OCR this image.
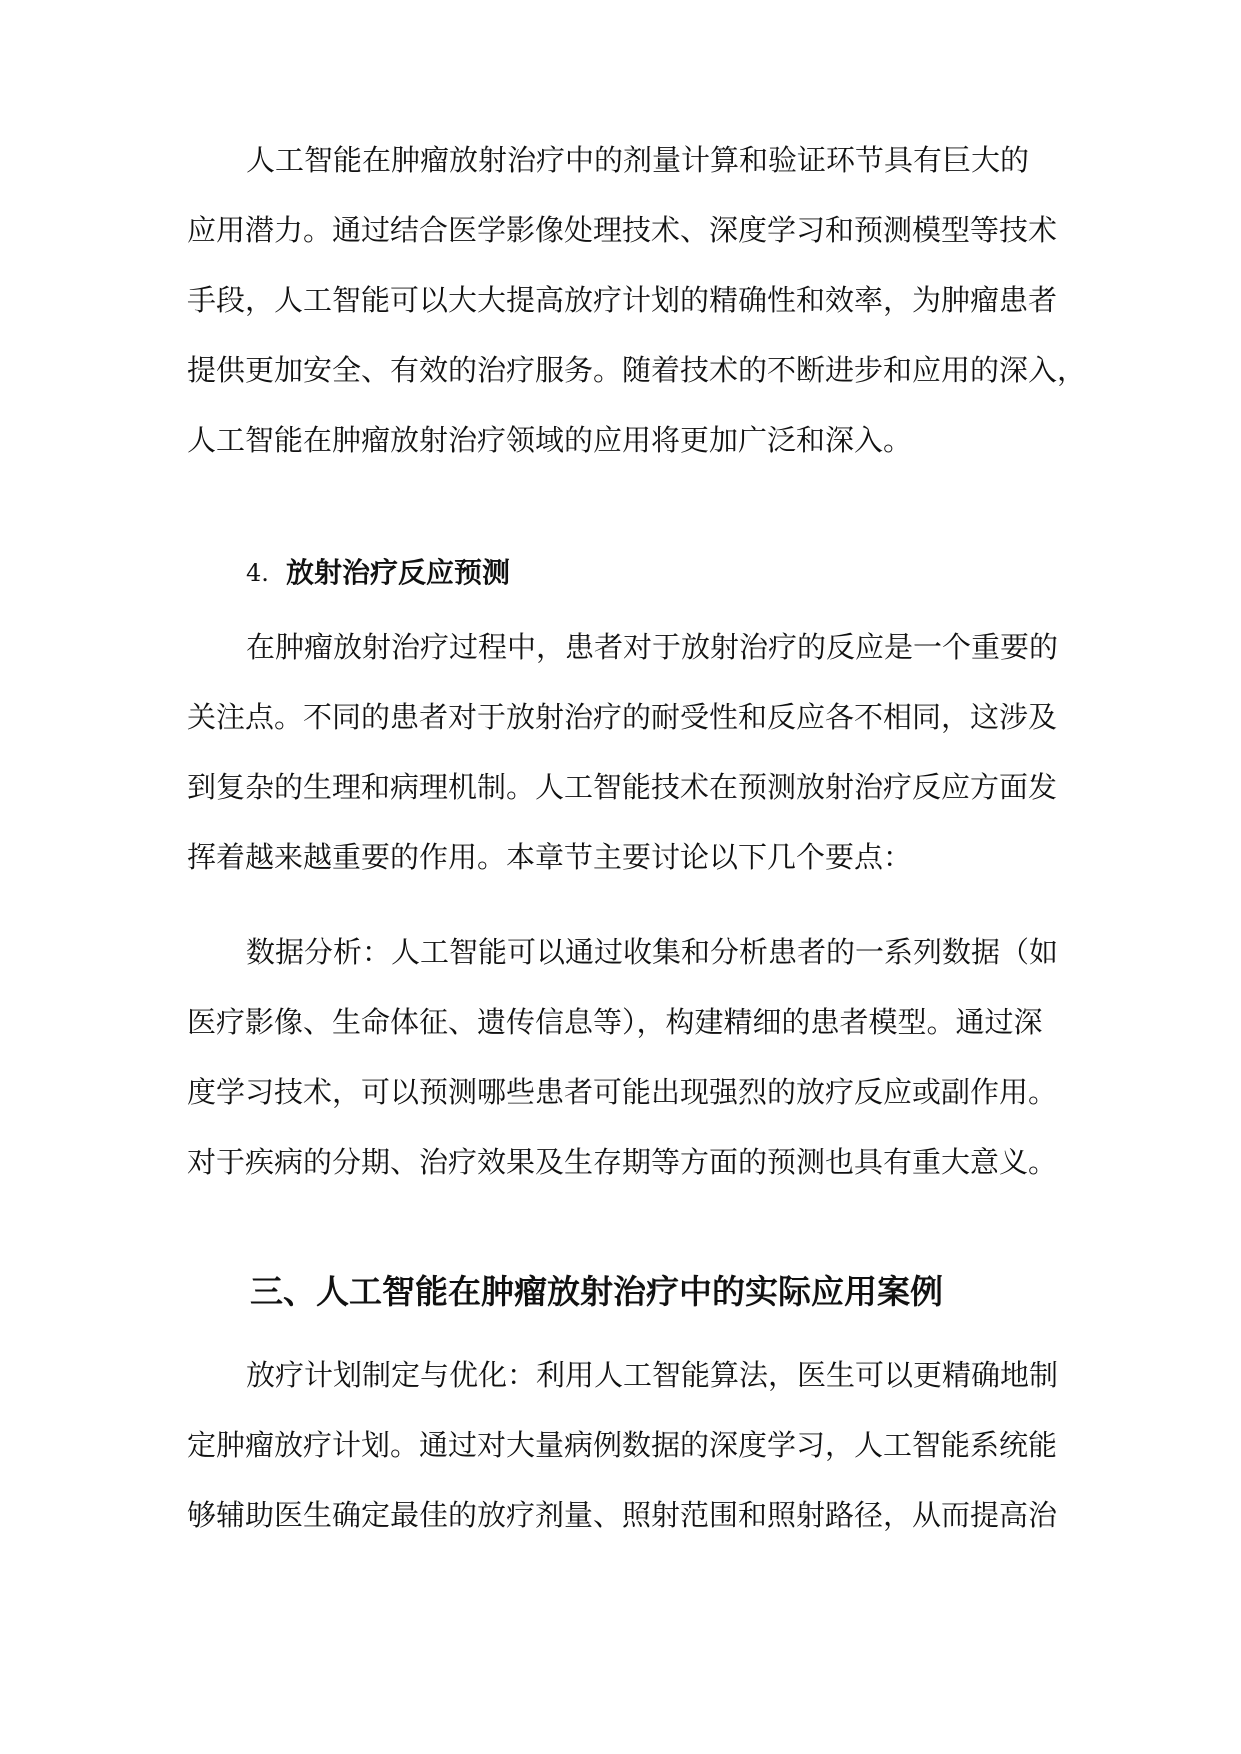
人工智能在肿瘤放射治疗中的剂量计算和验证环节具有巨大的
应用潜力。通过结合医学影像处理技术、深度学习和预测模型等技术
手段，人工智能可以大大提高放疗计划的精确性和效率，为肿瘤患者
提供更加安全、有效的治疗服务。随着技术的不断进步和应用的深入，
人工智能在肿瘤放射治疗领域的应用将更加广泛和深入。
4. 放射治疗反应预测
在肿瘤放射治疗过程中，患者对于放射治疗的反应是一个重要的
关注点。不同的患者对于放射治疗的耐受性和反应各不相同，这涉及
到复杂的生理和病理机制。人工智能技术在预测放射治疗反应方面发
挥着越来越重要的作用。本章节主要讨论以下几个要点：
数据分析：人工智能可以通过收集和分析患者的一系列数据（如
医疗影像、生命体征、遗传信息等），构建精细的患者模型。通过深
度学习技术，可以预测哪些患者可能出现强烈的放疗反应或副作用。
对于疾病的分期、治疗效果及生存期等方面的预测也具有重大意义。
三、人工智能在肿瘤放射治疗中的实际应用案例
放疗计划制定与优化：利用人工智能算法，医生可以更精确地制
定肿瘤放疗计划。通过对大量病例数据的深度学习，人工智能系统能
够辅助医生确定最佳的放疗剂量、照射范围和照射路径，从而提高治
